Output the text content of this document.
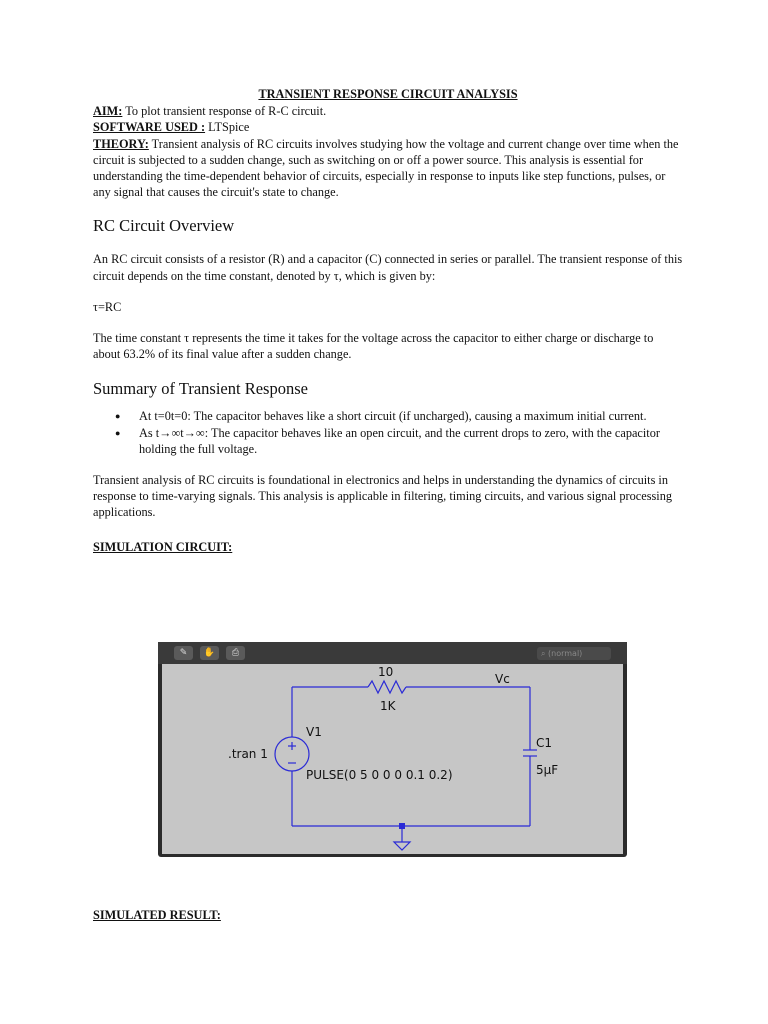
TRANSIENT RESPONSE CIRCUIT ANALYSIS

AIM: To plot transient response of R-C circuit.

SOFTWARE USED : LTSpice

THEORY: Transient analysis of RC circuits involves studying how the voltage and current change over time when the circuit is subjected to a sudden change, such as switching on or off a power source. This analysis is essential for understanding the time-dependent behavior of circuits, especially in response to inputs like step functions, pulses, or any signal that causes the circuit's state to change.

RC Circuit Overview

An RC circuit consists of a resistor (R) and a capacitor (C) connected in series or parallel. The transient response of this circuit depends on the time constant, denoted by τ, which is given by:

τ=RC

The time constant τ represents the time it takes for the voltage across the capacitor to either charge or discharge to about 63.2% of its final value after a sudden change.

Summary of Transient Response
● At t=0t=0: The capacitor behaves like a short circuit (if uncharged), causing a maximum initial current.
● As t→∞t→∞: The capacitor behaves like an open circuit, and the current drops to zero, with the capacitor holding the full voltage.

Transient analysis of RC circuits is foundational in electronics and helps in understanding the dynamics of circuits in response to time-varying signals. This analysis is applicable in filtering, timing circuits, and various signal processing applications.

SIMULATION CIRCUIT:
✎	✋	⎙	⌕ (normal)
10
1K
Vc
V1
.tran 1
PULSE(0 5 0 0 0 0.1 0.2)
C1
5µF
SIMULATED RESULT:
